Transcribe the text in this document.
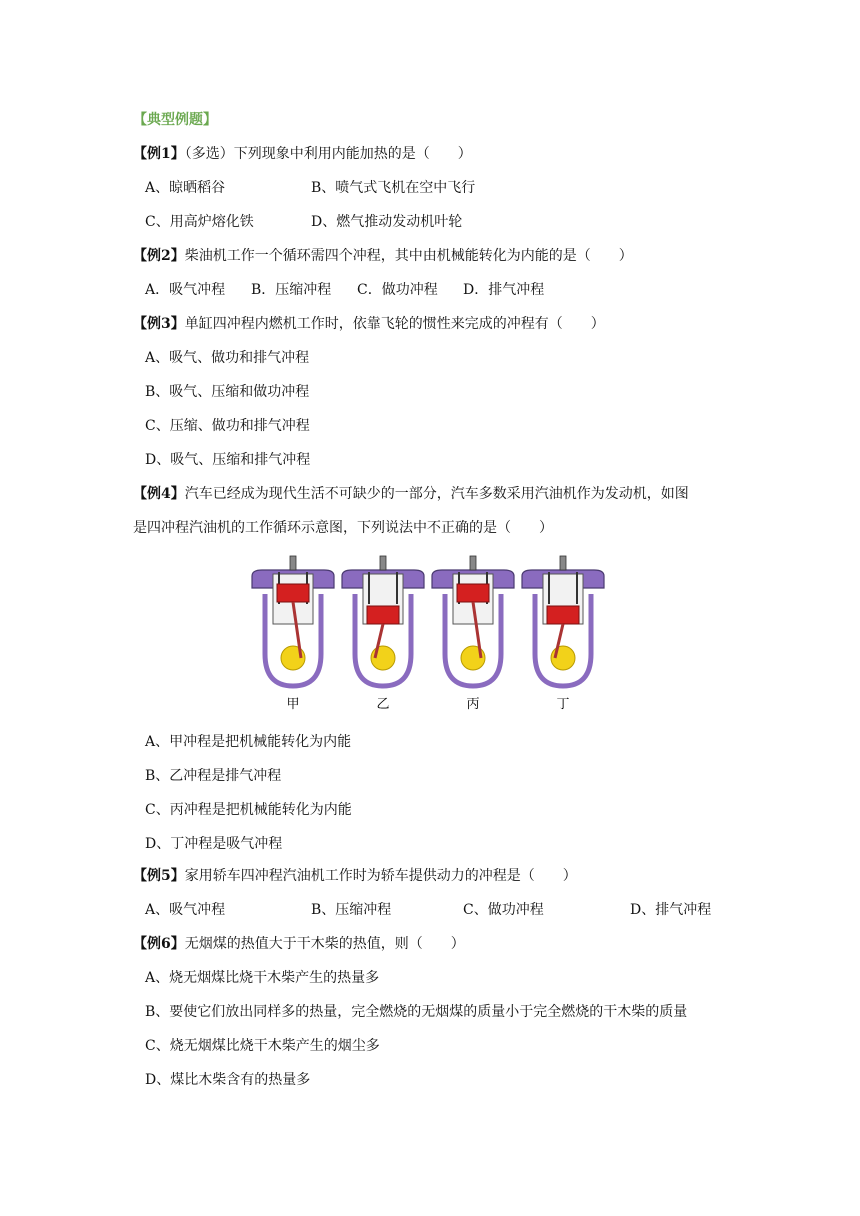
【典型例题】
【例1】（多选）下列现象中利用内能加热的是（　　）
A、晾晒稻谷	B、喷气式飞机在空中飞行
C、用高炉熔化铁	D、燃气推动发动机叶轮
【例2】柴油机工作一个循环需四个冲程，其中由机械能转化为内能的是（　　）
A．吸气冲程 B．压缩冲程 C．做功冲程 D．排气冲程
【例3】单缸四冲程内燃机工作时，依靠飞轮的惯性来完成的冲程有（　　）
A、吸气、做功和排气冲程
B、吸气、压缩和做功冲程
C、压缩、做功和排气冲程
D、吸气、压缩和排气冲程
【例4】汽车已经成为现代生活不可缺少的一部分，汽车多数采用汽油机作为发动机，如图
是四冲程汽油机的工作循环示意图，下列说法中不正确的是（　　）
甲	乙	丙	丁
A、甲冲程是把机械能转化为内能
B、乙冲程是排气冲程
C、丙冲程是把机械能转化为内能
D、丁冲程是吸气冲程
【例5】家用轿车四冲程汽油机工作时为轿车提供动力的冲程是（　　）
A、吸气冲程	B、压缩冲程	C、做功冲程	D、排气冲程
【例6】无烟煤的热值大于干木柴的热值，则（　　）
A、烧无烟煤比烧干木柴产生的热量多
B、要使它们放出同样多的热量，完全燃烧的无烟煤的质量小于完全燃烧的干木柴的质量
C、烧无烟煤比烧干木柴产生的烟尘多
D、煤比木柴含有的热量多
